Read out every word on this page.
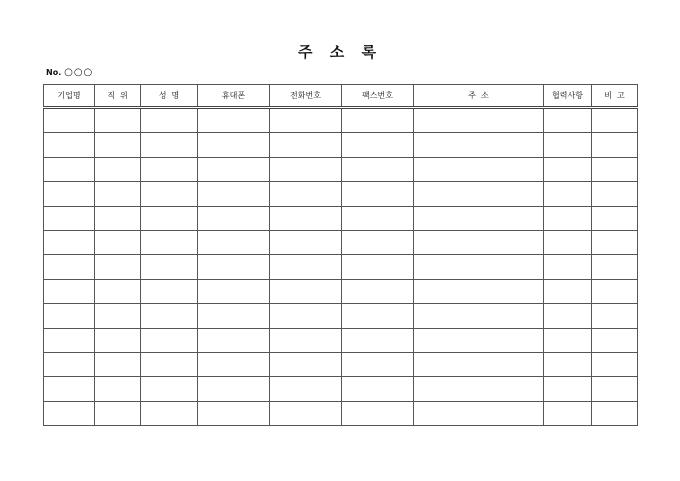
주 소 록
No. ○○○
기업명	직  위	성  명	휴대폰	전화번호	팩스번호	주  소	협력사항	비  고
